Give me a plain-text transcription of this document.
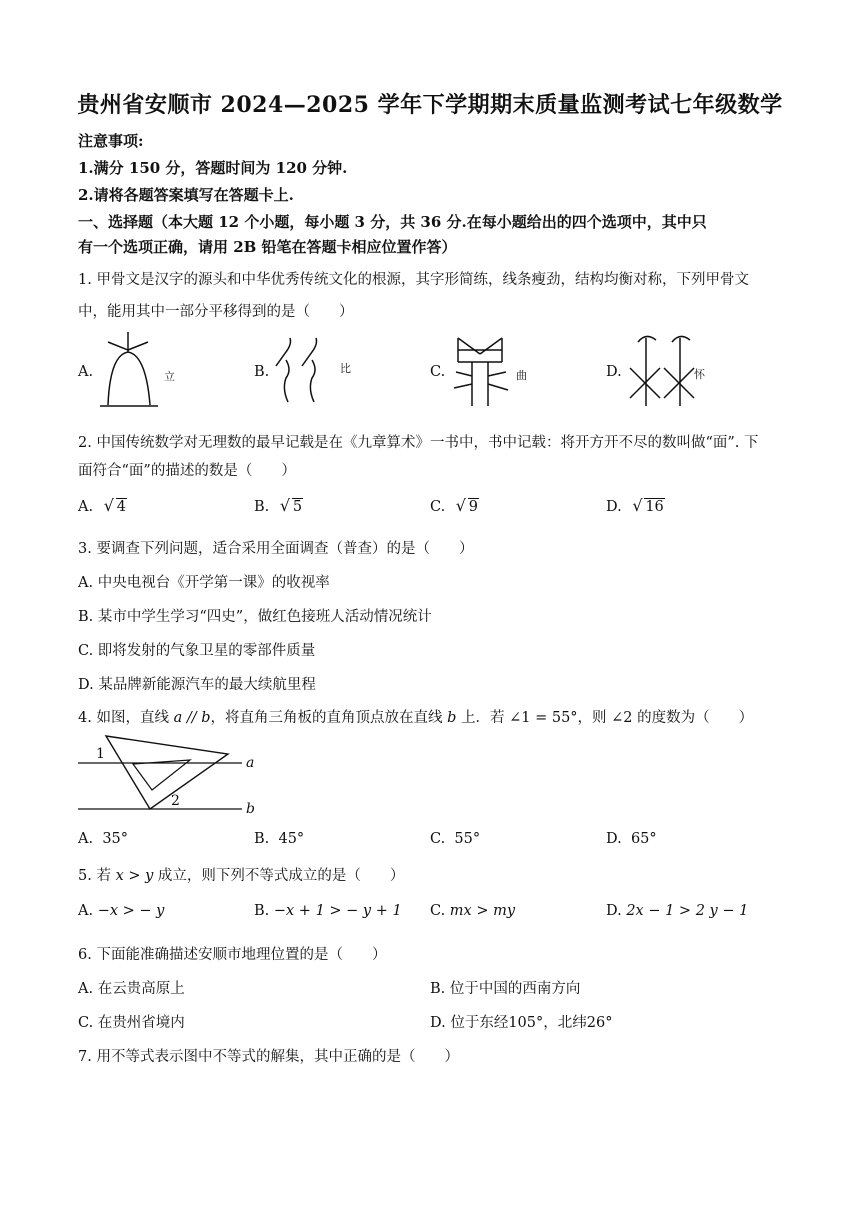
贵州省安顺市 2024—2025 学年下学期期末质量监测考试七年级数学
注意事项:
1.满分 150 分，答题时间为 120 分钟.
2.请将各题答案填写在答题卡上.
一、选择题（本大题 12 个小题，每小题 3 分，共 36 分.在每小题给出的四个选项中，其中只
有一个选项正确，请用 2B 铅笔在答题卡相应位置作答）
1. 甲骨文是汉字的源头和中华优秀传统文化的根源，其字形简练，线条瘦劲，结构均衡对称，下列甲骨文
中，能用其中一部分平移得到的是（　　）
A.	立	B.	比	C.	曲	D.	怀
2. 中国传统数学对无理数的最早记载是在《九章算术》一书中，书中记载：将开方开不尽的数叫做“面”. 下
面符合“面”的描述的数是（　　）
A. √ 4	B. √ 5	C. √ 9	D. √ 16
3. 要调查下列问题，适合采用全面调查（普查）的是（　　）
A. 中央电视台《开学第一课》的收视率
B. 某市中学生学习“四史”，做红色接班人活动情况统计
C. 即将发射的气象卫星的零部件质量
D. 某品牌新能源汽车的最大续航里程
4. 如图，直线 a // b，将直角三角板的直角顶点放在直线 b 上．若 ∠1 = 55°，则 ∠2 的度数为（　　）
1
2
a
b
A. 35°	B. 45°	C. 55°	D. 65°
5. 若 x > y 成立，则下列不等式成立的是（　　）
A. −x > − y	B. −x + 1 > − y + 1 C. mx > my	D. 2x − 1 > 2 y − 1
6. 下面能准确描述安顺市地理位置的是（　　）
A. 在云贵高原上	B. 位于中国的西南方向
C. 在贵州省境内	D. 位于东经105°，北纬26°
7. 用不等式表示图中不等式的解集，其中正确的是（　　）
